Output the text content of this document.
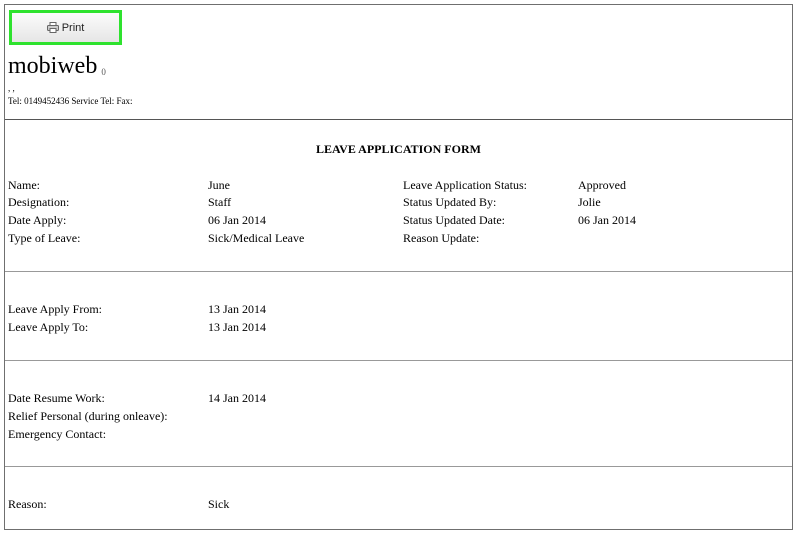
Print
mobiweb 0
, ,
Tel: 0149452436 Service Tel: Fax:
LEAVE APPLICATION FORM
Name:	June
Designation:	Staff
Date Apply:	06 Jan 2014
Type of Leave:	Sick/Medical Leave
Leave Application Status:	Approved
Status Updated By:	Jolie
Status Updated Date:	06 Jan 2014
Reason Update:
Leave Apply From:	13 Jan 2014
Leave Apply To:	13 Jan 2014
Date Resume Work:	14 Jan 2014
Relief Personal (during onleave):
Emergency Contact:
Reason:	Sick
